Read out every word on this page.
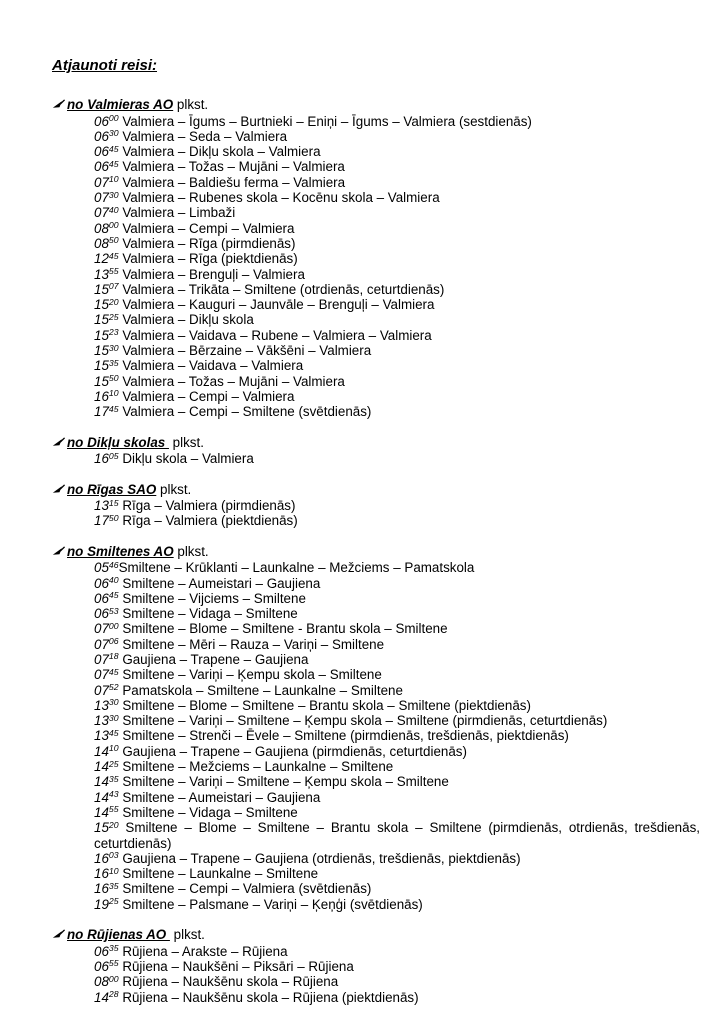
Atjaunoti reisi:
no Valmieras AO plkst.
$06^{00}$ Valmiera – Īgums – Burtnieki – Eniņi – Īgums – Valmiera (sestdienās)
$06^{30}$ Valmiera – Seda – Valmiera
$06^{45}$ Valmiera – Dikļu skola – Valmiera
$06^{45}$ Valmiera – Tožas – Mujāni – Valmiera
$07^{10}$ Valmiera – Baldiešu ferma – Valmiera
$07^{30}$ Valmiera – Rubenes skola – Kocēnu skola – Valmiera
$07^{40}$ Valmiera – Limbaži
$08^{00}$ Valmiera – Cempi – Valmiera
$08^{50}$ Valmiera – Rīga (pirmdienās)
$12^{45}$ Valmiera – Rīga (piektdienās)
$13^{55}$ Valmiera – Brenguļi – Valmiera
$15^{07}$ Valmiera – Trikāta – Smiltene (otrdienās, ceturtdienās)
$15^{20}$ Valmiera – Kauguri – Jaunvāle – Brenguļi – Valmiera
$15^{25}$ Valmiera – Dikļu skola
$15^{23}$ Valmiera – Vaidava – Rubene – Valmiera – Valmiera
$15^{30}$ Valmiera – Bērzaine – Vākšēni – Valmiera
$15^{35}$ Valmiera – Vaidava – Valmiera
$15^{50}$ Valmiera – Tožas – Mujāni – Valmiera
$16^{10}$ Valmiera – Cempi – Valmiera
$17^{45}$ Valmiera – Cempi – Smiltene (svētdienās)
no Dikļu skolas  plkst.
$16^{05}$ Dikļu skola – Valmiera
no Rīgas SAO plkst.
$13^{15}$ Rīga – Valmiera (pirmdienās)
$17^{50}$ Rīga – Valmiera (piektdienās)
no Smiltenes AO plkst.
$05^{46}Smiltene$ – Krūklanti – Launkalne – Mežciems – Pamatskola
$06^{40}$ Smiltene – Aumeistari – Gaujiena
$06^{45}$ Smiltene – Vijciems – Smiltene
$06^{53}$ Smiltene – Vidaga – Smiltene
$07^{00}$ Smiltene – Blome – Smiltene - Brantu skola – Smiltene
$07^{06}$ Smiltene – Mēri – Rauza – Variņi – Smiltene
$07^{18}$ Gaujiena – Trapene – Gaujiena
$07^{45}$ Smiltene – Variņi – Ķempu skola – Smiltene
$07^{52}$ Pamatskola – Smiltene – Launkalne – Smiltene
$13^{30}$ Smiltene – Blome – Smiltene – Brantu skola – Smiltene (piektdienās)
$13^{30}$ Smiltene – Variņi – Smiltene – Ķempu skola – Smiltene (pirmdienās, ceturtdienās)
$13^{45}$ Smiltene – Strenči – Ēvele – Smiltene (pirmdienās, trešdienās, piektdienās)
$14^{10}$ Gaujiena – Trapene – Gaujiena (pirmdienās, ceturtdienās)
$14^{25}$ Smiltene – Mežciems – Launkalne – Smiltene
$14^{35}$ Smiltene – Variņi – Smiltene – Ķempu skola – Smiltene
$14^{43}$ Smiltene – Aumeistari – Gaujiena
$14^{55}$ Smiltene – Vidaga – Smiltene
$15^{20}$ Smiltene – Blome – Smiltene – Brantu skola – Smiltene (pirmdienās, otrdienās, trešdienās, ceturtdienās)
$16^{03}$ Gaujiena – Trapene – Gaujiena (otrdienās, trešdienās, piektdienās)
$16^{10}$ Smiltene – Launkalne – Smiltene
$16^{35}$ Smiltene – Cempi – Valmiera (svētdienās)
$19^{25}$ Smiltene – Palsmane – Variņi – Ķeņģi (svētdienās)
no Rūjienas AO  plkst.
$06^{35}$ Rūjiena – Arakste – Rūjiena
$06^{55}$ Rūjiena – Naukšēni – Piksāri – Rūjiena
$08^{00}$ Rūjiena – Naukšēnu skola – Rūjiena
$14^{28}$ Rūjiena – Naukšēnu skola – Rūjiena (piektdienās)
